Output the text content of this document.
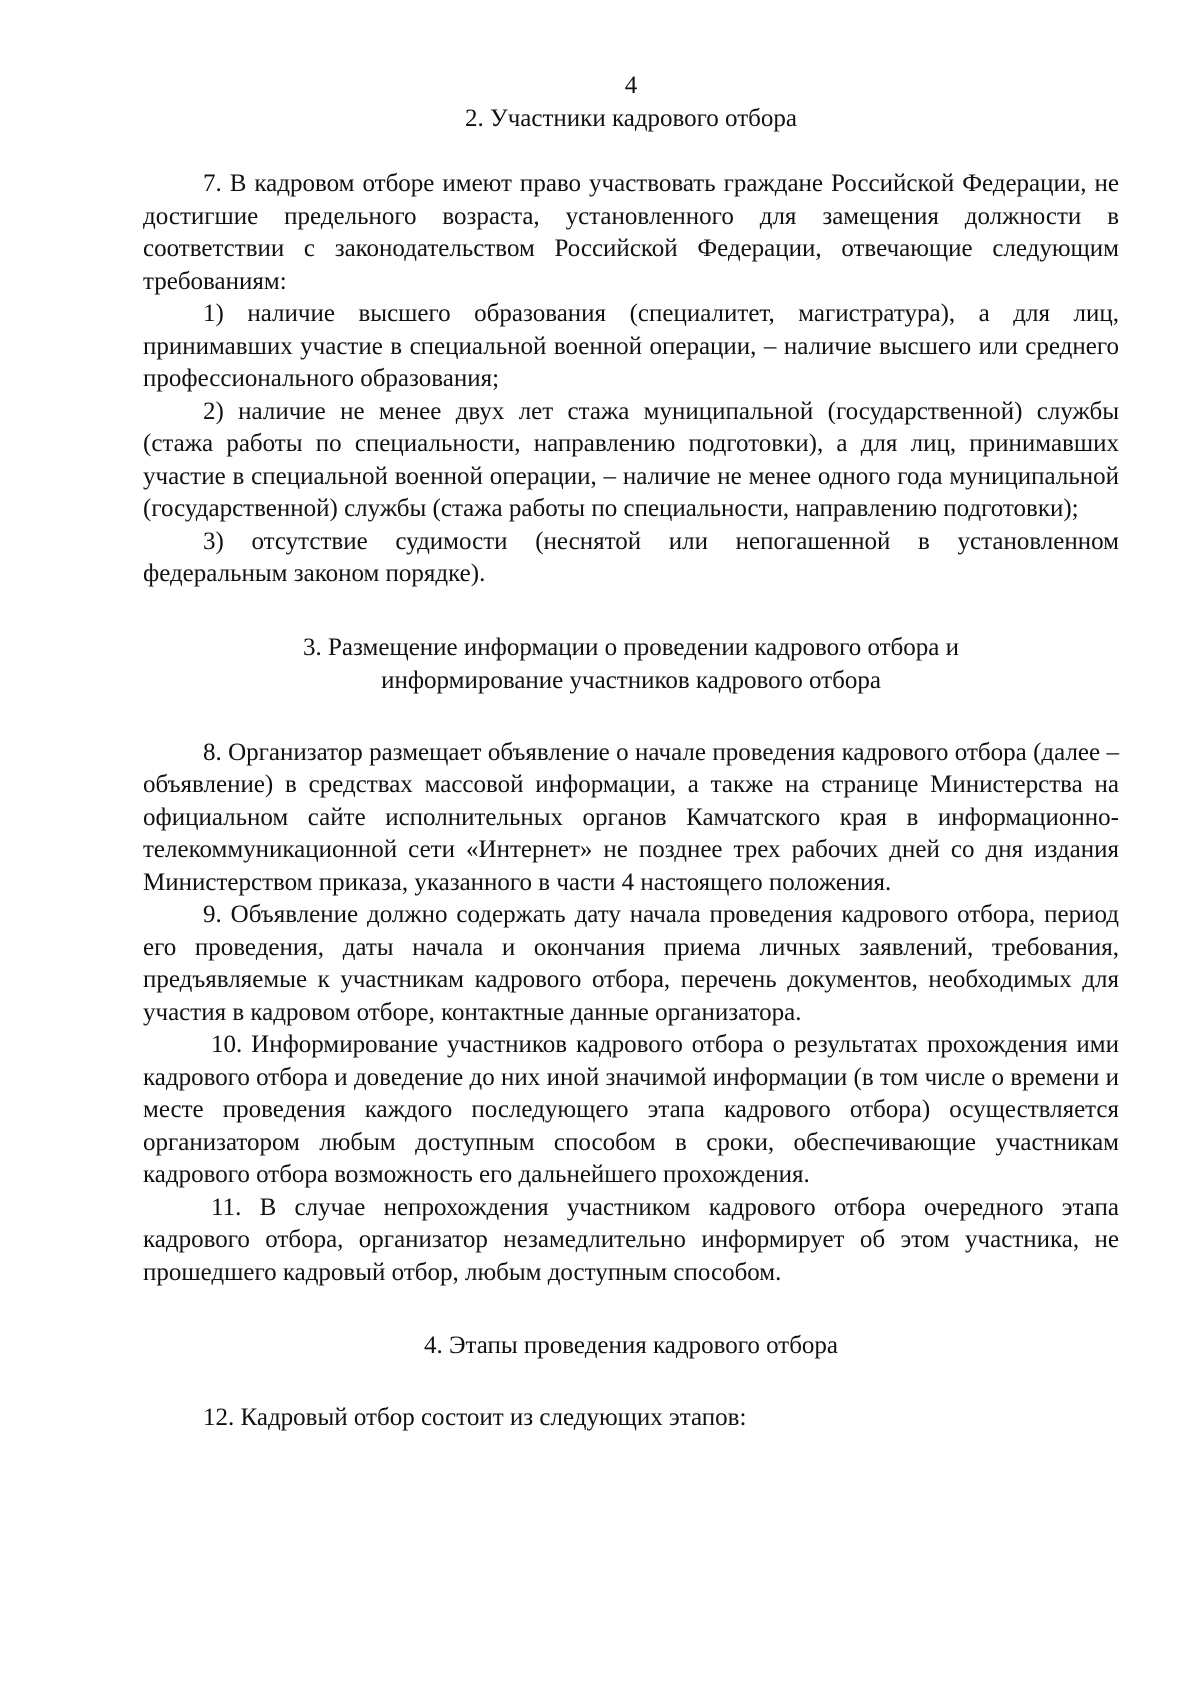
4
2. Участники кадрового отбора

7. В кадровом отборе имеют право участвовать граждане Российской Федерации, не достигшие предельного возраста, установленного для замещения должности в соответствии с законодательством Российской Федерации, отвечающие следующим требованиям:

1) наличие высшего образования (специалитет, магистратура), а для лиц, принимавших участие в специальной военной операции, – наличие высшего или среднего профессионального образования;

2) наличие не менее двух лет стажа муниципальной (государственной) службы (стажа работы по специальности, направлению подготовки), а для лиц, принимавших участие в специальной военной операции, – наличие не менее одного года муниципальной (государственной) службы (стажа работы по специальности, направлению подготовки);

3) отсутствие судимости (неснятой или непогашенной в установленном федеральным законом порядке).

3. Размещение информации о проведении кадрового отбора и
информирование участников кадрового отбора

8. Организатор размещает объявление о начале проведения кадрового отбора (далее – объявление) в средствах массовой информации, а также на странице Министерства на официальном сайте исполнительных органов Камчатского края в информационно-телекоммуникационной сети «Интернет» не позднее трех рабочих дней со дня издания Министерством приказа, указанного в части 4 настоящего положения.

9. Объявление должно содержать дату начала проведения кадрового отбора, период его проведения, даты начала и окончания приема личных заявлений, требования, предъявляемые к участникам кадрового отбора, перечень документов, необходимых для участия в кадровом отборе, контактные данные организатора.

10. Информирование участников кадрового отбора о результатах прохождения ими кадрового отбора и доведение до них иной значимой информации (в том числе о времени и месте проведения каждого последующего этапа кадрового отбора) осуществляется организатором любым доступным способом в сроки, обеспечивающие участникам кадрового отбора возможность его дальнейшего прохождения.

11. В случае непрохождения участником кадрового отбора очередного этапа кадрового отбора, организатор незамедлительно информирует об этом участника, не прошедшего кадровый отбор, любым доступным способом.

4. Этапы проведения кадрового отбора

12. Кадровый отбор состоит из следующих этапов:
